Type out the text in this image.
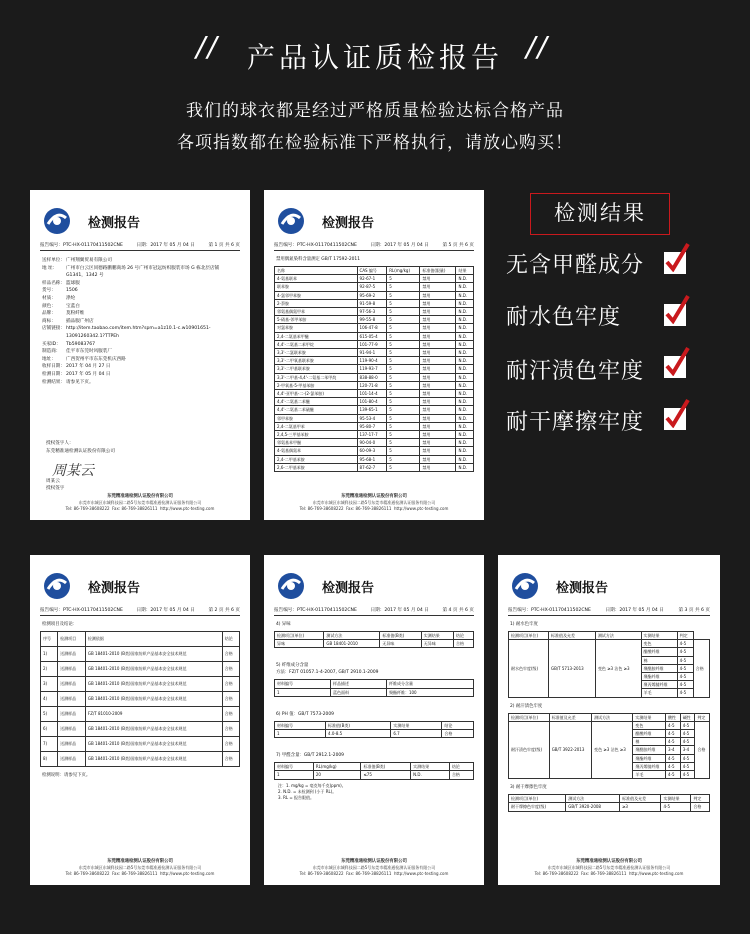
//	产品认证质检报告 //
我们的球衣都是经过严格质量检验达标合格产品
各项指数都在检验标准下严格执行，请放心购买！
检测报告
报告编号：PTC-HX-01170411502CNE	日期：2017 年 05 月 04 日	第 1 页 共 6 页
送样单位： 广州翔翼贸易有限公司
地 址：	广州市白云区同德路鹏鹏商场 26 号广州市冠远纺织服装市场 G 栋北层店铺 G1341，1342 号
样品名称： 篮球服
货号：	1506
材质：	涤纶
颜色：	宝蓝白
品牌：	莫粉纤维
商标：	插品服广州店
店铺链接： http://item.taobao.com/item.htm?spm=a1z10.1-c.w10901651-13091260342.1?TTPEh
买家ID：	Tb59083767
制造商：	佳平市东莞时风服装厂
地址：	广西贺州平市东东莞机庆西路
收样日期： 2017 年 04 月 27 日
检测日期： 2017 年 05 月 04 日
检测结果： 请参见下页。
授权签字人：
东莞精准通检测认证股份有限公司
周某云
周某云
授权签字
东莞精准通检测认证股份有限公司
东莞市东城区东城科技园二路5号东莞市精准通检测认证服务有限公司
Tel: 86-769-38608222 Fax: 86-769-38826111 http://www.ptc-testing.com
检测报告
报告编号：PTC-HX-01170411502CNE	日期：2017 年 05 月 04 日	第 5 页 共 6 页
禁用偶氮染料含量测定 GB/T 17592-2011
名称	CAS 编号	RL(mg/kg)	标准值(限量)	结果
4-氨基联苯	92-67-1	5	禁用	N.D.
联苯胺	92-87-5	5	禁用	N.D.
4-氯邻甲苯胺	95-69-2	5	禁用	N.D.
2-萘胺	91-59-8	5	禁用	N.D.
邻氨基偶氮甲苯	97-56-3	5	禁用	N.D.
5-硝基-邻甲苯胺	99-55-8	5	禁用	N.D.
对氯苯胺	106-47-8	5	禁用	N.D.
2,4-二氨基苯甲醚	615-05-4	5	禁用	N.D.
4,4'-二氨基二苯甲烷	101-77-9	5	禁用	N.D.
3,3'-二氯联苯胺	91-94-1	5	禁用	N.D.
3,3'-二甲氧基联苯胺	119-90-4	5	禁用	N.D.
3,3'-二甲基联苯胺	119-93-7	5	禁用	N.D.
3,3'-二甲基-4,4'-二氨基二苯甲烷	838-88-0	5	禁用	N.D.
2-甲氧基-5-甲基苯胺	120-71-8	5	禁用	N.D.
4,4'-亚甲基-二-(2-氯苯胺)	101-14-4	5	禁用	N.D.
4,4'-二氨基二苯醚	101-80-4	5	禁用	N.D.
4,4'-二氨基二苯硫醚	139-65-1	5	禁用	N.D.
邻甲苯胺	95-53-4	5	禁用	N.D.
2,4-二氨基甲苯	95-80-7	5	禁用	N.D.
2,4,5-三甲基苯胺	137-17-7	5	禁用	N.D.
邻氨基苯甲醚	90-04-0	5	禁用	N.D.
4-氨基偶氮苯	60-09-3	5	禁用	N.D.
2,4-二甲基苯胺	95-68-1	5	禁用	N.D.
2,6-二甲基苯胺	87-62-7	5	禁用	N.D.
东莞精准通检测认证股份有限公司
东莞市东城区东城科技园二路5号东莞市精准通检测认证服务有限公司
Tel: 86-769-38608222 Fax: 86-769-38826111 http://www.ptc-testing.com
检测结果
无含甲醛成分
耐水色牢度
耐汗渍色牢度
耐干摩擦牢度
检测报告
报告编号：PTC-HX-01170411502CNE	日期：2017 年 05 月 04 日	第 2 页 共 6 页
检测项目及结论：
序号	检测项目	检测依据	结论
1)	送测样品	GB 18401-2010 (B类)国家纺织产品基本安全技术规范	合格
2)	送测样品	GB 18401-2010 (B类)国家纺织产品基本安全技术规范	合格
3)	送测样品	GB 18401-2010 (B类)国家纺织产品基本安全技术规范	合格
4)	送测样品	GB 18401-2010 (B类)国家纺织产品基本安全技术规范	合格
5)	送测样品	FZ/T 81010-2009	合格
6)	送测样品	GB 18401-2010 (B类)国家纺织产品基本安全技术规范	合格
7)	送测样品	GB 18401-2010 (B类)国家纺织产品基本安全技术规范	合格
8)	送测样品	GB 18401-2010 (B类)国家纺织产品基本安全技术规范	合格
检测说明：请参见下页。
东莞精准通检测认证股份有限公司
东莞市东城区东城科技园二路5号东莞市精准通检测认证服务有限公司
Tel: 86-769-38608222 Fax: 86-769-38826111 http://www.ptc-testing.com
检测报告
报告编号：PTC-HX-01170411502CNE	日期：2017 年 05 月 04 日	第 4 页 共 6 页
4) 异味
检测项目(单位)	测试方法	标准值(B类)	实测结果	结论
异味	GB 18401-2010	无异味	无异味	合格
5) 纤维成分含量
方法：FZ/T 01057.1-4-2007, GB/T 2910.1-2009
材料编号	样品描述	纤维成分含量
1	蓝色面料	聚酯纤维：100
6) PH 值：GB/T 7573-2009
材料编号	标准值(B类)	实测结果	结论
1	4.0-8.5	6.7	合格
7) 甲醛含量：GB/T 2912.1-2009
材料编号	RL(mg/kg)	标准值(B类)	实测结果	结论
1	20	≤75	N.D.	合格
注：1. mg/kg = 毫克每千克(ppm)。
2. N.D. = 未检测到 (小于 RL)。
3. RL = 报告限值。
东莞精准通检测认证股份有限公司
东莞市东城区东城科技园二路5号东莞市精准通检测认证服务有限公司
Tel: 86-769-38608222 Fax: 86-769-38826111 http://www.ptc-testing.com
检测报告
报告编号：PTC-HX-01170411502CNE	日期：2017 年 05 月 04 日	第 3 页 共 6 页
1) 耐水色牢度
检测项目(单位)	标准值及允差	测试方法	实测结果	判定	
耐水色牢度(级)	GB/T 5713-2013	变色 ≥3 沾色 ≥3	变色	4-5	合格
			醋酸纤维	4-5	
			棉	4-5	
			聚酰胺纤维	4-5	
			聚酯纤维	4-5	
			聚丙烯腈纤维	4-5	
			羊毛	4-5	
2) 耐汗渍色牢度
检测项目(单位)	标准值及允差	测试方法	实测结果	酸性	碱性	判定
耐汗渍色牢度(级)	GB/T 3922-2013	变色 ≥3 沾色 ≥3	变色	4-5	4-5	合格
			醋酸纤维	4-5	4-5	
			棉	4-5	4-5	
			聚酰胺纤维	3-4	3-4	
			聚酯纤维	4-5	4-5	
			聚丙烯腈纤维	4-5	4-5	
			羊毛	4-5	4-5	
3) 耐干摩擦色牢度
检测项目(单位)	测试方法	标准值及允差	实测结果	判定
耐干摩擦色牢度(级)	GB/T 3920-2008	≥3	4-5	合格
东莞精准通检测认证股份有限公司
东莞市东城区东城科技园二路5号东莞市精准通检测认证服务有限公司
Tel: 86-769-38608222 Fax: 86-769-38826111 http://www.ptc-testing.com
